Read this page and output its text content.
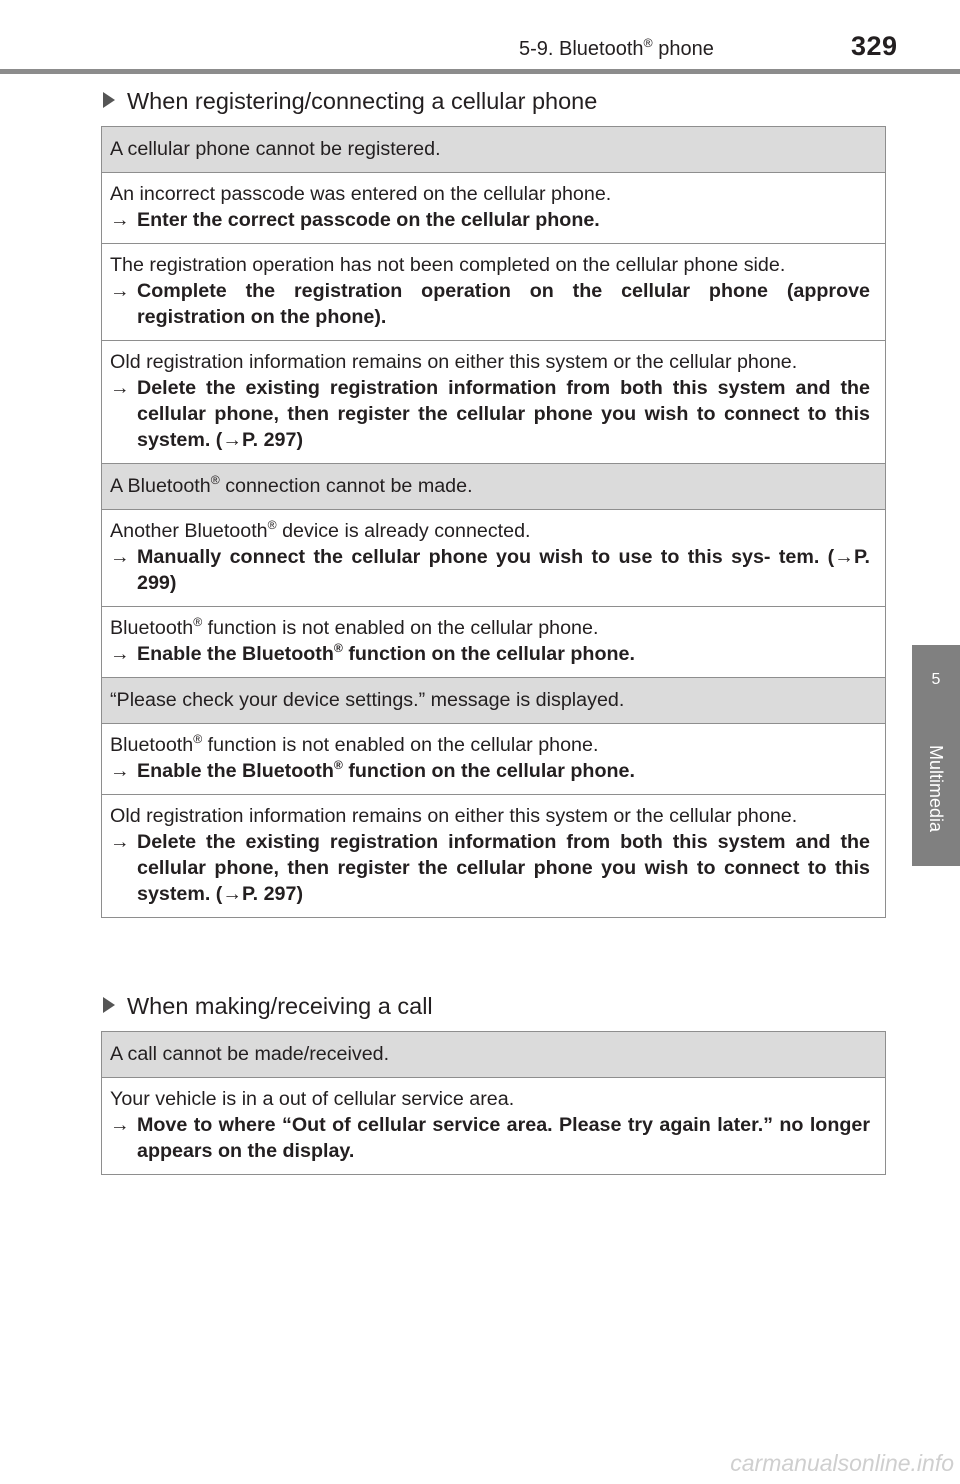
5-9. Bluetooth® phone	329
5
Multimedia
When registering/connecting a cellular phone
A cellular phone cannot be registered.

An incorrect passcode was entered on the cellular phone.
→ Enter the correct passcode on the cellular phone.

The registration operation has not been completed on the cellular phone side.
→ Complete the registration operation on the cellular phone (approve registration on the phone).

Old registration information remains on either this system or the cellular phone.
→ Delete the existing registration information from both this system and the cellular phone, then register the cellular phone you wish to connect to this system. (→P. 297)

A Bluetooth® connection cannot be made.

Another Bluetooth® device is already connected.
→ Manually connect the cellular phone you wish to use to this sys- tem. (→P. 299)

Bluetooth® function is not enabled on the cellular phone.
→ Enable the Bluetooth® function on the cellular phone.

“Please check your device settings.” message is displayed.

Bluetooth® function is not enabled on the cellular phone.
→ Enable the Bluetooth® function on the cellular phone.

Old registration information remains on either this system or the cellular phone.
→ Delete the existing registration information from both this system and the cellular phone, then register the cellular phone you wish to connect to this system. (→P. 297)
When making/receiving a call
A call cannot be made/received.

Your vehicle is in a out of cellular service area.
→ Move to where “Out of cellular service area. Please try again later.” no longer appears on the display.
carmanualsonline.info
